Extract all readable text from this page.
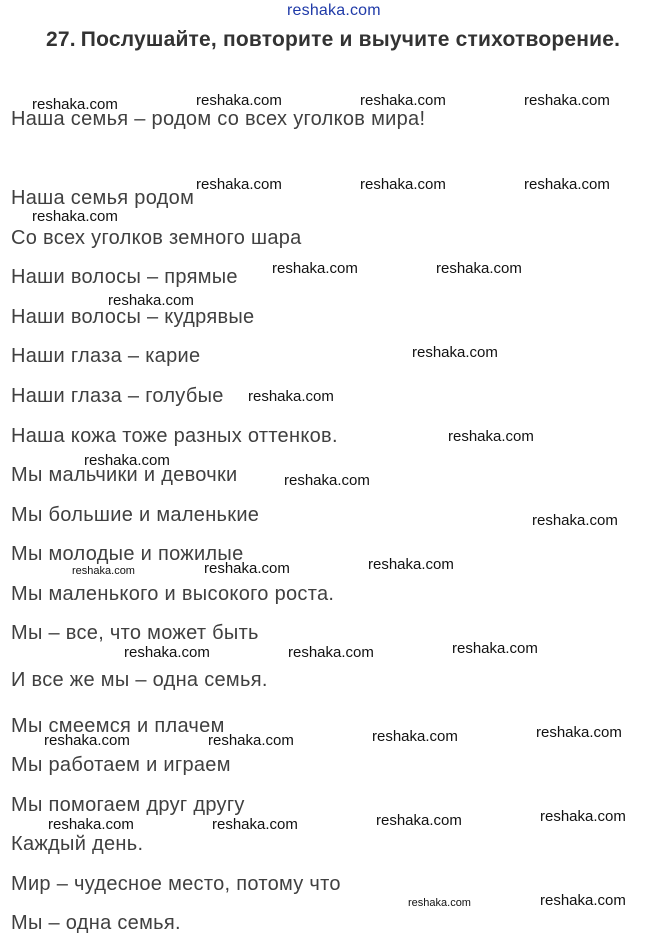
reshaka.com
27. Послушайте, повторите и выучите стихотворение.
Наша семья – родом со всех уголков мира!
Наша семья родом
Со всех уголков земного шара
Наши волосы – прямые
Наши волосы – кудрявые
Наши глаза – карие
Наши глаза – голубые
Наша кожа тоже разных оттенков.
Мы мальчики и девочки
Мы большие и маленькие
Мы молодые и пожилые
Мы маленького и высокого роста.
Мы – все, что может быть
И все же мы – одна семья.
Мы смеемся и плачем
Мы работаем и играем
Мы помогаем друг другу
Каждый день.
Мир – чудесное место, потому что
Мы – одна семья.
reshaka.com	reshaka.com	reshaka.com	reshaka.com
reshaka.com	reshaka.com	reshaka.com
reshaka.com
reshaka.com	reshaka.com
reshaka.com
reshaka.com
reshaka.com
reshaka.com
reshaka.com
reshaka.com
reshaka.com
reshaka.com	reshaka.com	reshaka.com
reshaka.com	reshaka.com	reshaka.com
reshaka.com	reshaka.com	reshaka.com	reshaka.com
reshaka.com	reshaka.com	reshaka.com	reshaka.com
reshaka.com	reshaka.com
